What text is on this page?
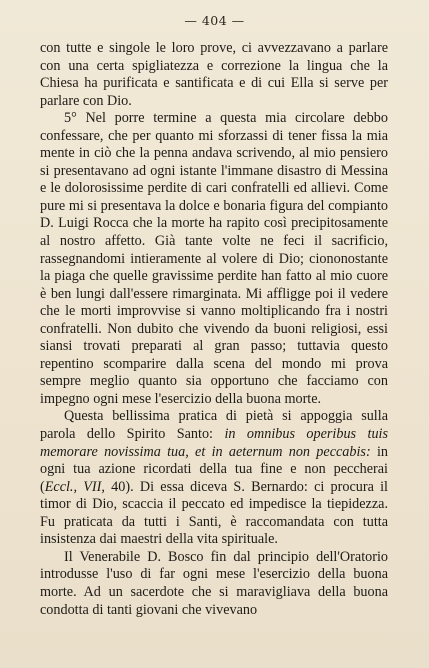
— 404 —

con tutte e singole le loro prove, ci avvezzavano a parlare con una certa spigliatezza e correzione la lingua che la Chiesa ha purificata e santificata e di cui Ella si serve per parlare con Dio.

5° Nel porre termine a questa mia circolare debbo confessare, che per quanto mi sforzassi di tener fissa la mia mente in ciò che la penna andava scrivendo, al mio pensiero si presentavano ad ogni istante l'immane disastro di Messina e le dolorosissime perdite di cari confratelli ed allievi. Come pure mi si presentava la dolce e bonaria figura del compianto D. Luigi Rocca che la morte ha rapito così precipitosamente al nostro affetto. Già tante volte ne feci il sacrificio, rassegnandomi intieramente al volere di Dio; ciononostante la piaga che quelle gravissime perdite han fatto al mio cuore è ben lungi dall'essere rimarginata. Mi affligge poi il vedere che le morti improvvise si vanno moltiplicando fra i nostri confratelli. Non dubito che vivendo da buoni religiosi, essi siansi trovati preparati al gran passo; tuttavia questo repentino scomparire dalla scena del mondo mi prova sempre meglio quanto sia opportuno che facciamo con impegno ogni mese l'esercizio della buona morte.

Questa bellissima pratica di pietà si appoggia sulla parola dello Spirito Santo: in omnibus operibus tuis memorare novissima tua, et in aeternum non peccabis: in ogni tua azione ricordati della tua fine e non peccherai (Eccl., VII, 40). Di essa diceva S. Bernardo: ci procura il timor di Dio, scaccia il peccato ed impedisce la tiepidezza. Fu praticata da tutti i Santi, è raccomandata con tutta insistenza dai maestri della vita spirituale.

Il Venerabile D. Bosco fin dal principio dell'Oratorio introdusse l'uso di far ogni mese l'esercizio della buona morte. Ad un sacerdote che si maravigliava della buona condotta di tanti giovani che vivevano
